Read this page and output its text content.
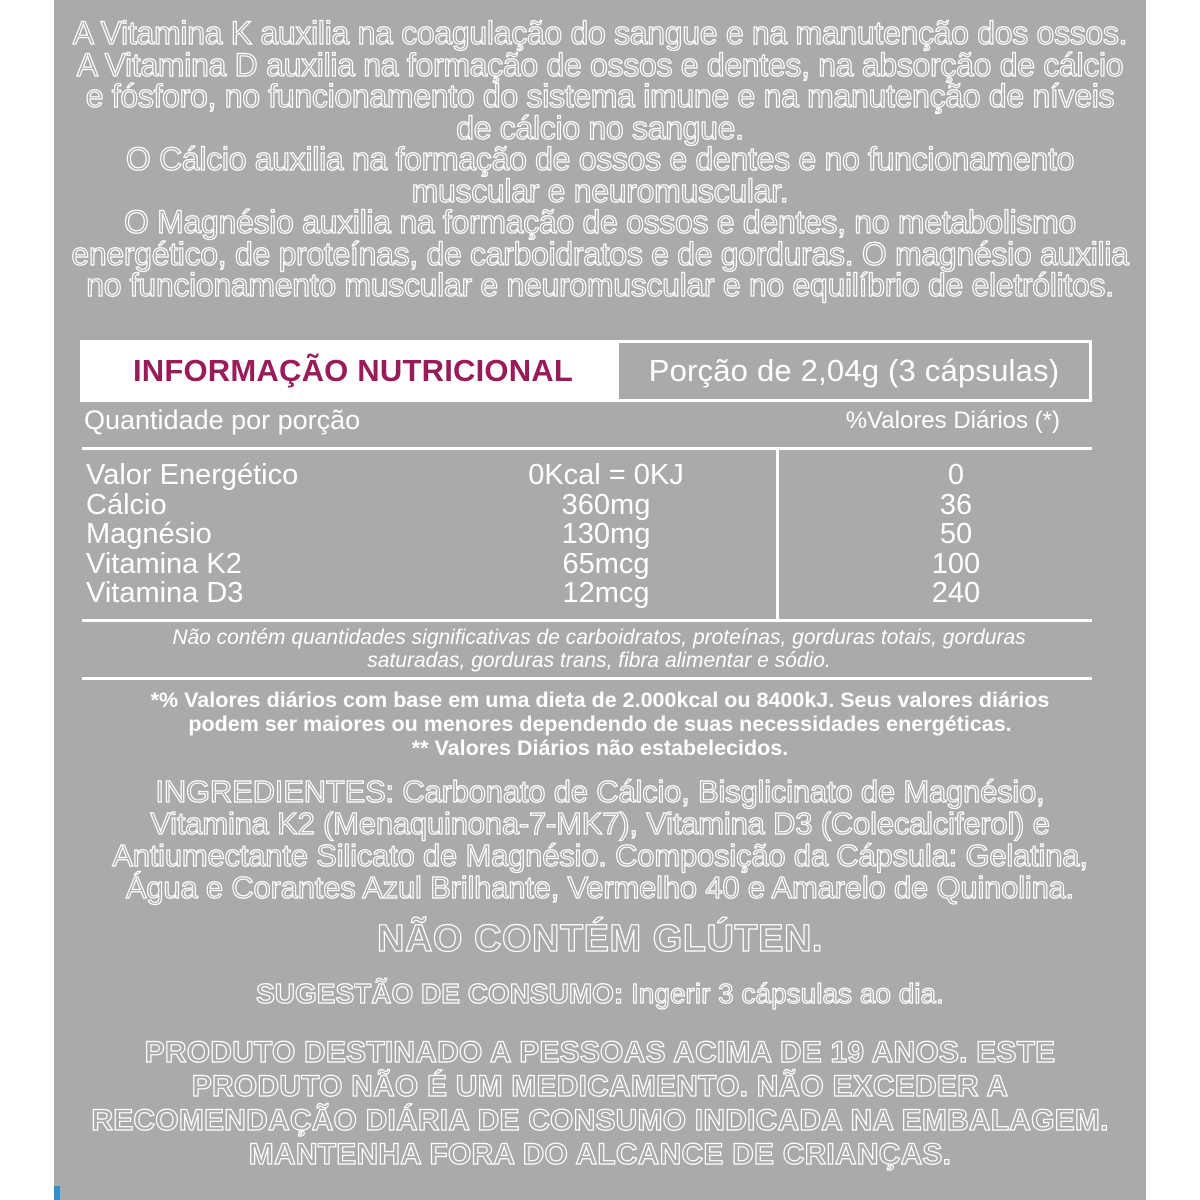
A Vitamina K auxilia na coagulação do sangue e na manutenção dos ossos.

A Vitamina D auxilia na formação de ossos e dentes, na absorção de cálcio

e fósforo, no funcionamento do sistema imune e na manutenção de níveis

de cálcio no sangue.

O Cálcio auxilia na formação de ossos e dentes e no funcionamento

muscular e neuromuscular.

O Magnésio auxilia na formação de ossos e dentes, no metabolismo

energético, de proteínas, de carboidratos e de gorduras. O magnésio auxilia

no funcionamento muscular e neuromuscular e no equilíbrio de eletrólitos.

INFORMAÇÃO NUTRICIONAL	Porção de 2,04g (3 cápsulas)
Quantidade por porção	%Valores Diários (*)
Valor Energético	0Kcal = 0KJ	0
Cálcio	360mg	36
Magnésio	130mg	50
Vitamina K2	65mcg	100
Vitamina D3	12mcg	240
Não contém quantidades significativas de carboidratos, proteínas, gorduras totais, gorduras
saturadas, gorduras trans, fibra alimentar e sódio.
*% Valores diários com base em uma dieta de 2.000kcal ou 8400kJ. Seus valores diários
podem ser maiores ou menores dependendo de suas necessidades energéticas.
** Valores Diários não estabelecidos.
INGREDIENTES: Carbonato de Cálcio, Bisglicinato de Magnésio,
Vitamina K2 (Menaquinona-7-MK7), Vitamina D3 (Colecalciferol) e
Antiumectante Silicato de Magnésio. Composição da Cápsula: Gelatina,
Água e Corantes Azul Brilhante, Vermelho 40 e Amarelo de Quinolina.
NÃO CONTÉM GLÚTEN.
SUGESTÃO DE CONSUMO: Ingerir 3 cápsulas ao dia.
PRODUTO DESTINADO A PESSOAS ACIMA DE 19 ANOS. ESTE
PRODUTO NÃO É UM MEDICAMENTO. NÃO EXCEDER A
RECOMENDAÇÃO DIÁRIA DE CONSUMO INDICADA NA EMBALAGEM.
MANTENHA FORA DO ALCANCE DE CRIANÇAS.
